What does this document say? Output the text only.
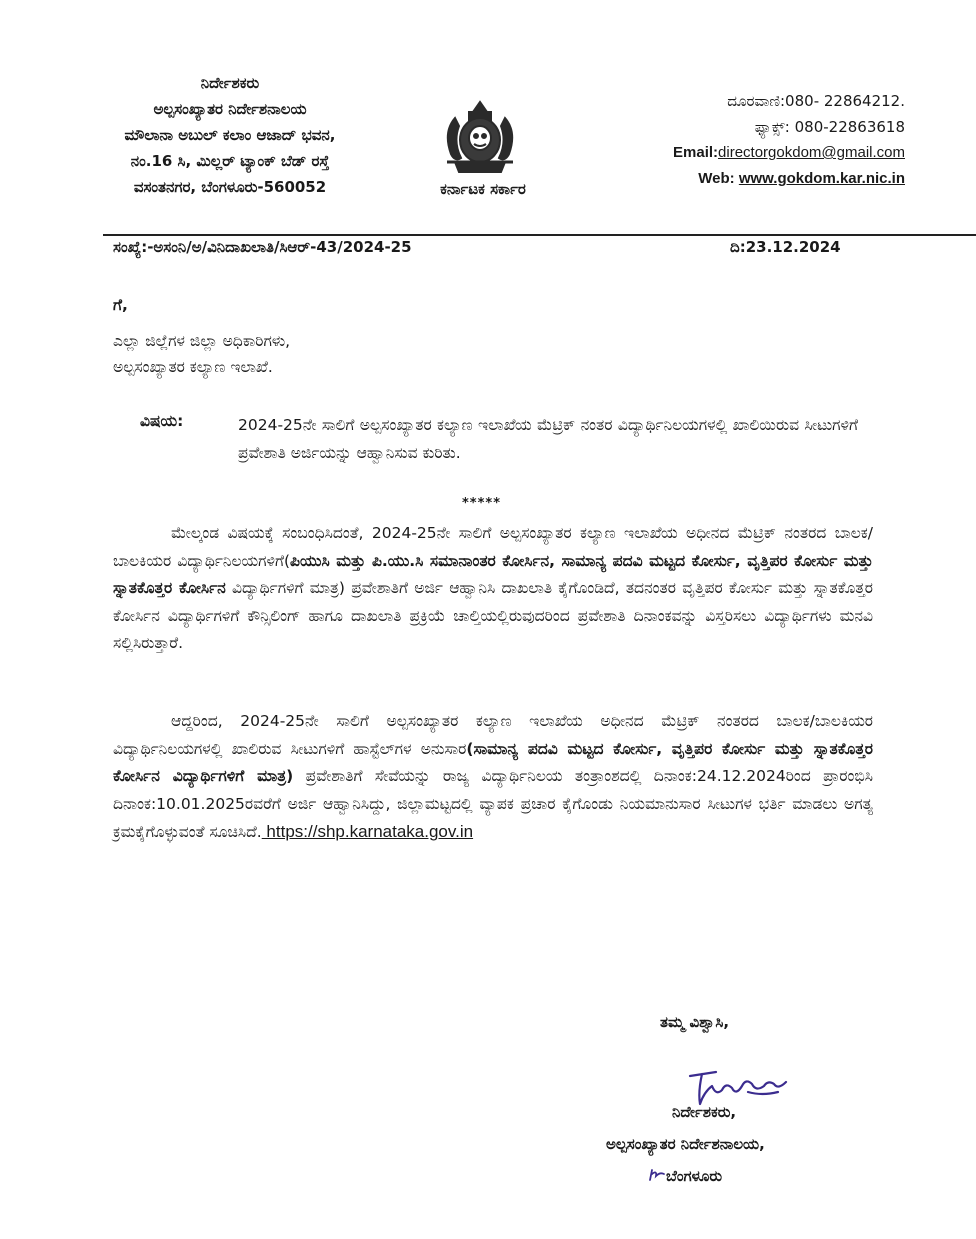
ನಿರ್ದೇಶಕರು
ಅಲ್ಪಸಂಖ್ಯಾತರ ನಿರ್ದೇಶನಾಲಯ
ಮೌಲಾನಾ ಅಬುಲ್ ಕಲಾಂ ಆಜಾದ್ ಭವನ,
ನಂ.16 ಸಿ, ಮಿಲ್ಲರ್ ಟ್ಯಾಂಕ್ ಬೆಡ್ ರಸ್ತೆ
ವಸಂತನಗರ, ಬೆಂಗಳೂರು-560052	ಕರ್ನಾಟಕ ಸರ್ಕಾರ
ದೂರವಾಣಿ:080- 22864212.
ಫ್ಯಾಕ್ಸ್: 080-22863618
Email:directorgokdom@gmail.com
Web: www.gokdom.kar.nic.in
ಸಂಖ್ಯೆ:-ಅಸಂನಿ/ಅ/ವಿನಿದಾಖಲಾತಿ/ಸಿಆರ್-43/2024-25	ದಿ:23.12.2024
ಗೆ,
ಎಲ್ಲಾ ಜಿಲ್ಲೆಗಳ ಜಿಲ್ಲಾ ಅಧಿಕಾರಿಗಳು,
ಅಲ್ಪಸಂಖ್ಯಾತರ ಕಲ್ಯಾಣ ಇಲಾಖೆ.
ವಿಷಯ:	2024-25ನೇ ಸಾಲಿಗೆ ಅಲ್ಪಸಂಖ್ಯಾತರ ಕಲ್ಯಾಣ ಇಲಾಖೆಯ ಮೆಟ್ರಿಕ್ ನಂತರ ವಿದ್ಯಾರ್ಥಿನಿಲಯಗಳಲ್ಲಿ ಖಾಲಿಯಿರುವ ಸೀಟುಗಳಿಗೆ ಪ್ರವೇಶಾತಿ ಅರ್ಜಿಯನ್ನು ಆಹ್ವಾನಿಸುವ ಕುರಿತು.
*****
ಮೇಲ್ಕಂಡ ವಿಷಯಕ್ಕೆ ಸಂಬಂಧಿಸಿದಂತೆ, 2024-25ನೇ ಸಾಲಿಗೆ ಅಲ್ಪಸಂಖ್ಯಾತರ ಕಲ್ಯಾಣ ಇಲಾಖೆಯ ಅಧೀನದ ಮೆಟ್ರಿಕ್ ನಂತರದ ಬಾಲಕ/ಬಾಲಕಿಯರ ವಿದ್ಯಾರ್ಥಿನಿಲಯಗಳಿಗೆ(ಪಿಯುಸಿ ಮತ್ತು ಪಿ.ಯು.ಸಿ ಸಮಾನಾಂತರ ಕೋರ್ಸಿನ, ಸಾಮಾನ್ಯ ಪದವಿ ಮಟ್ಟದ ಕೋರ್ಸು, ವೃತ್ತಿಪರ ಕೋರ್ಸು ಮತ್ತು ಸ್ನಾತಕೊತ್ತರ ಕೋರ್ಸಿನ ವಿದ್ಯಾರ್ಥಿಗಳಿಗೆ ಮಾತ್ರ) ಪ್ರವೇಶಾತಿಗೆ ಅರ್ಜಿ ಆಹ್ವಾನಿಸಿ ದಾಖಲಾತಿ ಕೈಗೊಂಡಿದೆ, ತದನಂತರ ವೃತ್ತಿಪರ ಕೋರ್ಸು ಮತ್ತು ಸ್ನಾತಕೊತ್ತರ ಕೋರ್ಸಿನ ವಿದ್ಯಾರ್ಥಿಗಳಿಗೆ ಕೌನ್ಸಿಲಿಂಗ್ ಹಾಗೂ ದಾಖಲಾತಿ ಪ್ರಕ್ರಿಯೆ ಚಾಲ್ತಿಯಲ್ಲಿರುವುದರಿಂದ ಪ್ರವೇಶಾತಿ ದಿನಾಂಕವನ್ನು ವಿಸ್ತರಿಸಲು ವಿದ್ಯಾರ್ಥಿಗಳು ಮನವಿ ಸಲ್ಲಿಸಿರುತ್ತಾರೆ.
ಆದ್ದರಿಂದ, 2024-25ನೇ ಸಾಲಿಗೆ ಅಲ್ಪಸಂಖ್ಯಾತರ ಕಲ್ಯಾಣ ಇಲಾಖೆಯ ಅಧೀನದ ಮೆಟ್ರಿಕ್ ನಂತರದ ಬಾಲಕ/ಬಾಲಕಿಯರ ವಿದ್ಯಾರ್ಥಿನಿಲಯಗಳಲ್ಲಿ ಖಾಲಿರುವ ಸೀಟುಗಳಿಗೆ ಹಾಸ್ಟೆಲ್‌ಗಳ ಅನುಸಾರ(ಸಾಮಾನ್ಯ ಪದವಿ ಮಟ್ಟದ ಕೋರ್ಸು, ವೃತ್ತಿಪರ ಕೋರ್ಸು ಮತ್ತು ಸ್ನಾತಕೊತ್ತರ ಕೋರ್ಸಿನ ವಿದ್ಯಾರ್ಥಿಗಳಿಗೆ ಮಾತ್ರ) ಪ್ರವೇಶಾತಿಗೆ ಸೇವೆಯನ್ನು ರಾಜ್ಯ ವಿದ್ಯಾರ್ಥಿನಿಲಯ ತಂತ್ರಾಂಶದಲ್ಲಿ ದಿನಾಂಕ:24.12.2024ರಿಂದ ಪ್ರಾರಂಭಿಸಿ ದಿನಾಂಕ:10.01.2025ರವರೆಗೆ ಅರ್ಜಿ ಆಹ್ವಾನಿಸಿದ್ದು, ಜಿಲ್ಲಾಮಟ್ಟದಲ್ಲಿ ವ್ಯಾಪಕ ಪ್ರಚಾರ ಕೈಗೊಂಡು ನಿಯಮಾನುಸಾರ ಸೀಟುಗಳ ಭರ್ತಿ ಮಾಡಲು ಅಗತ್ಯ ಕ್ರಮಕೈಗೊಳ್ಳುವಂತೆ ಸೂಚಿಸಿದೆ. https://shp.karnataka.gov.in
ತಮ್ಮ ವಿಶ್ವಾಸಿ,
ನಿರ್ದೇಶಕರು,
ಅಲ್ಪಸಂಖ್ಯಾತರ ನಿರ್ದೇಶನಾಲಯ,
ಬೆಂಗಳೂರು
